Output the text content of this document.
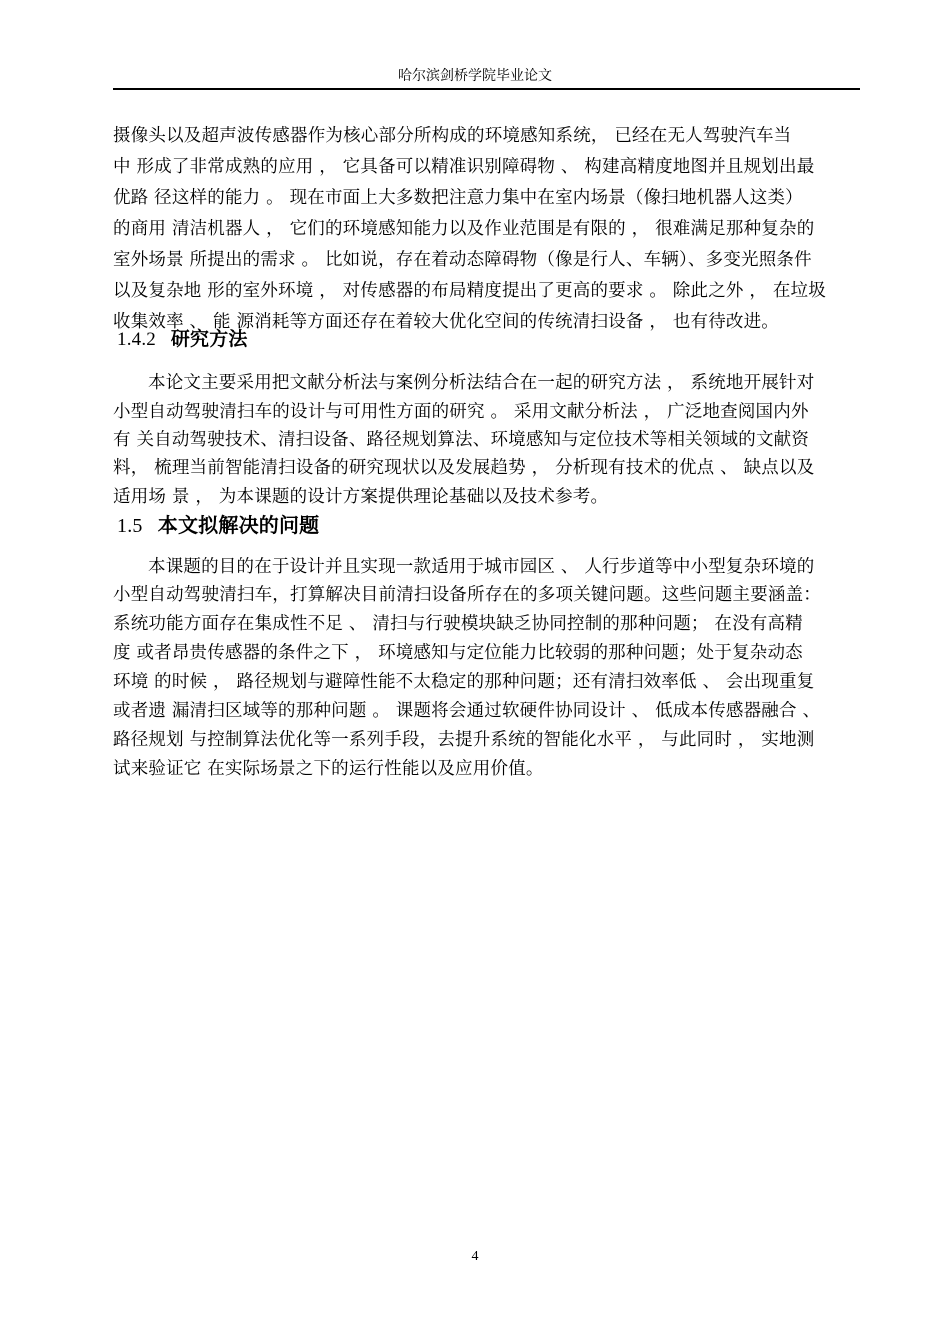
哈尔滨剑桥学院毕业论文
摄像头以及超声波传感器作为核心部分所构成的环境感知系统， 已经在无人驾驶汽车当
中 形成了非常成熟的应用 ， 它具备可以精准识别障碍物 、 构建高精度地图并且规划出最
优路 径这样的能力 。 现在市面上大多数把注意力集中在室内场景（像扫地机器人这类）
的商用 清洁机器人 ， 它们的环境感知能力以及作业范围是有限的 ， 很难满足那种复杂的
室外场景 所提出的需求 。 比如说，存在着动态障碍物（像是行人、车辆）、多变光照条件
以及复杂地 形的室外环境 ， 对传感器的布局精度提出了更高的要求 。 除此之外 ， 在垃圾
收集效率 、 能 源消耗等方面还存在着较大优化空间的传统清扫设备 ， 也有待改进。
1.4.2 研究方法
本论文主要采用把文献分析法与案例分析法结合在一起的研究方法 ， 系统地开展针对
小型自动驾驶清扫车的设计与可用性方面的研究 。 采用文献分析法 ， 广泛地查阅国内外
有 关自动驾驶技术、清扫设备、路径规划算法、环境感知与定位技术等相关领域的文献资
料， 梳理当前智能清扫设备的研究现状以及发展趋势 ， 分析现有技术的优点 、 缺点以及
适用场 景 ， 为本课题的设计方案提供理论基础以及技术参考。
1.5 本文拟解决的问题
本课题的目的在于设计并且实现一款适用于城市园区 、 人行步道等中小型复杂环境的
小型自动驾驶清扫车，打算解决目前清扫设备所存在的多项关键问题。这些问题主要涵盖：
系统功能方面存在集成性不足 、 清扫与行驶模块缺乏协同控制的那种问题； 在没有高精
度 或者昂贵传感器的条件之下 ， 环境感知与定位能力比较弱的那种问题；处于复杂动态
环境 的时候 ， 路径规划与避障性能不太稳定的那种问题；还有清扫效率低 、 会出现重复
或者遗 漏清扫区域等的那种问题 。 课题将会通过软硬件协同设计 、 低成本传感器融合 、
路径规划 与控制算法优化等一系列手段，去提升系统的智能化水平 ， 与此同时 ， 实地测
试来验证它 在实际场景之下的运行性能以及应用价值。
4
